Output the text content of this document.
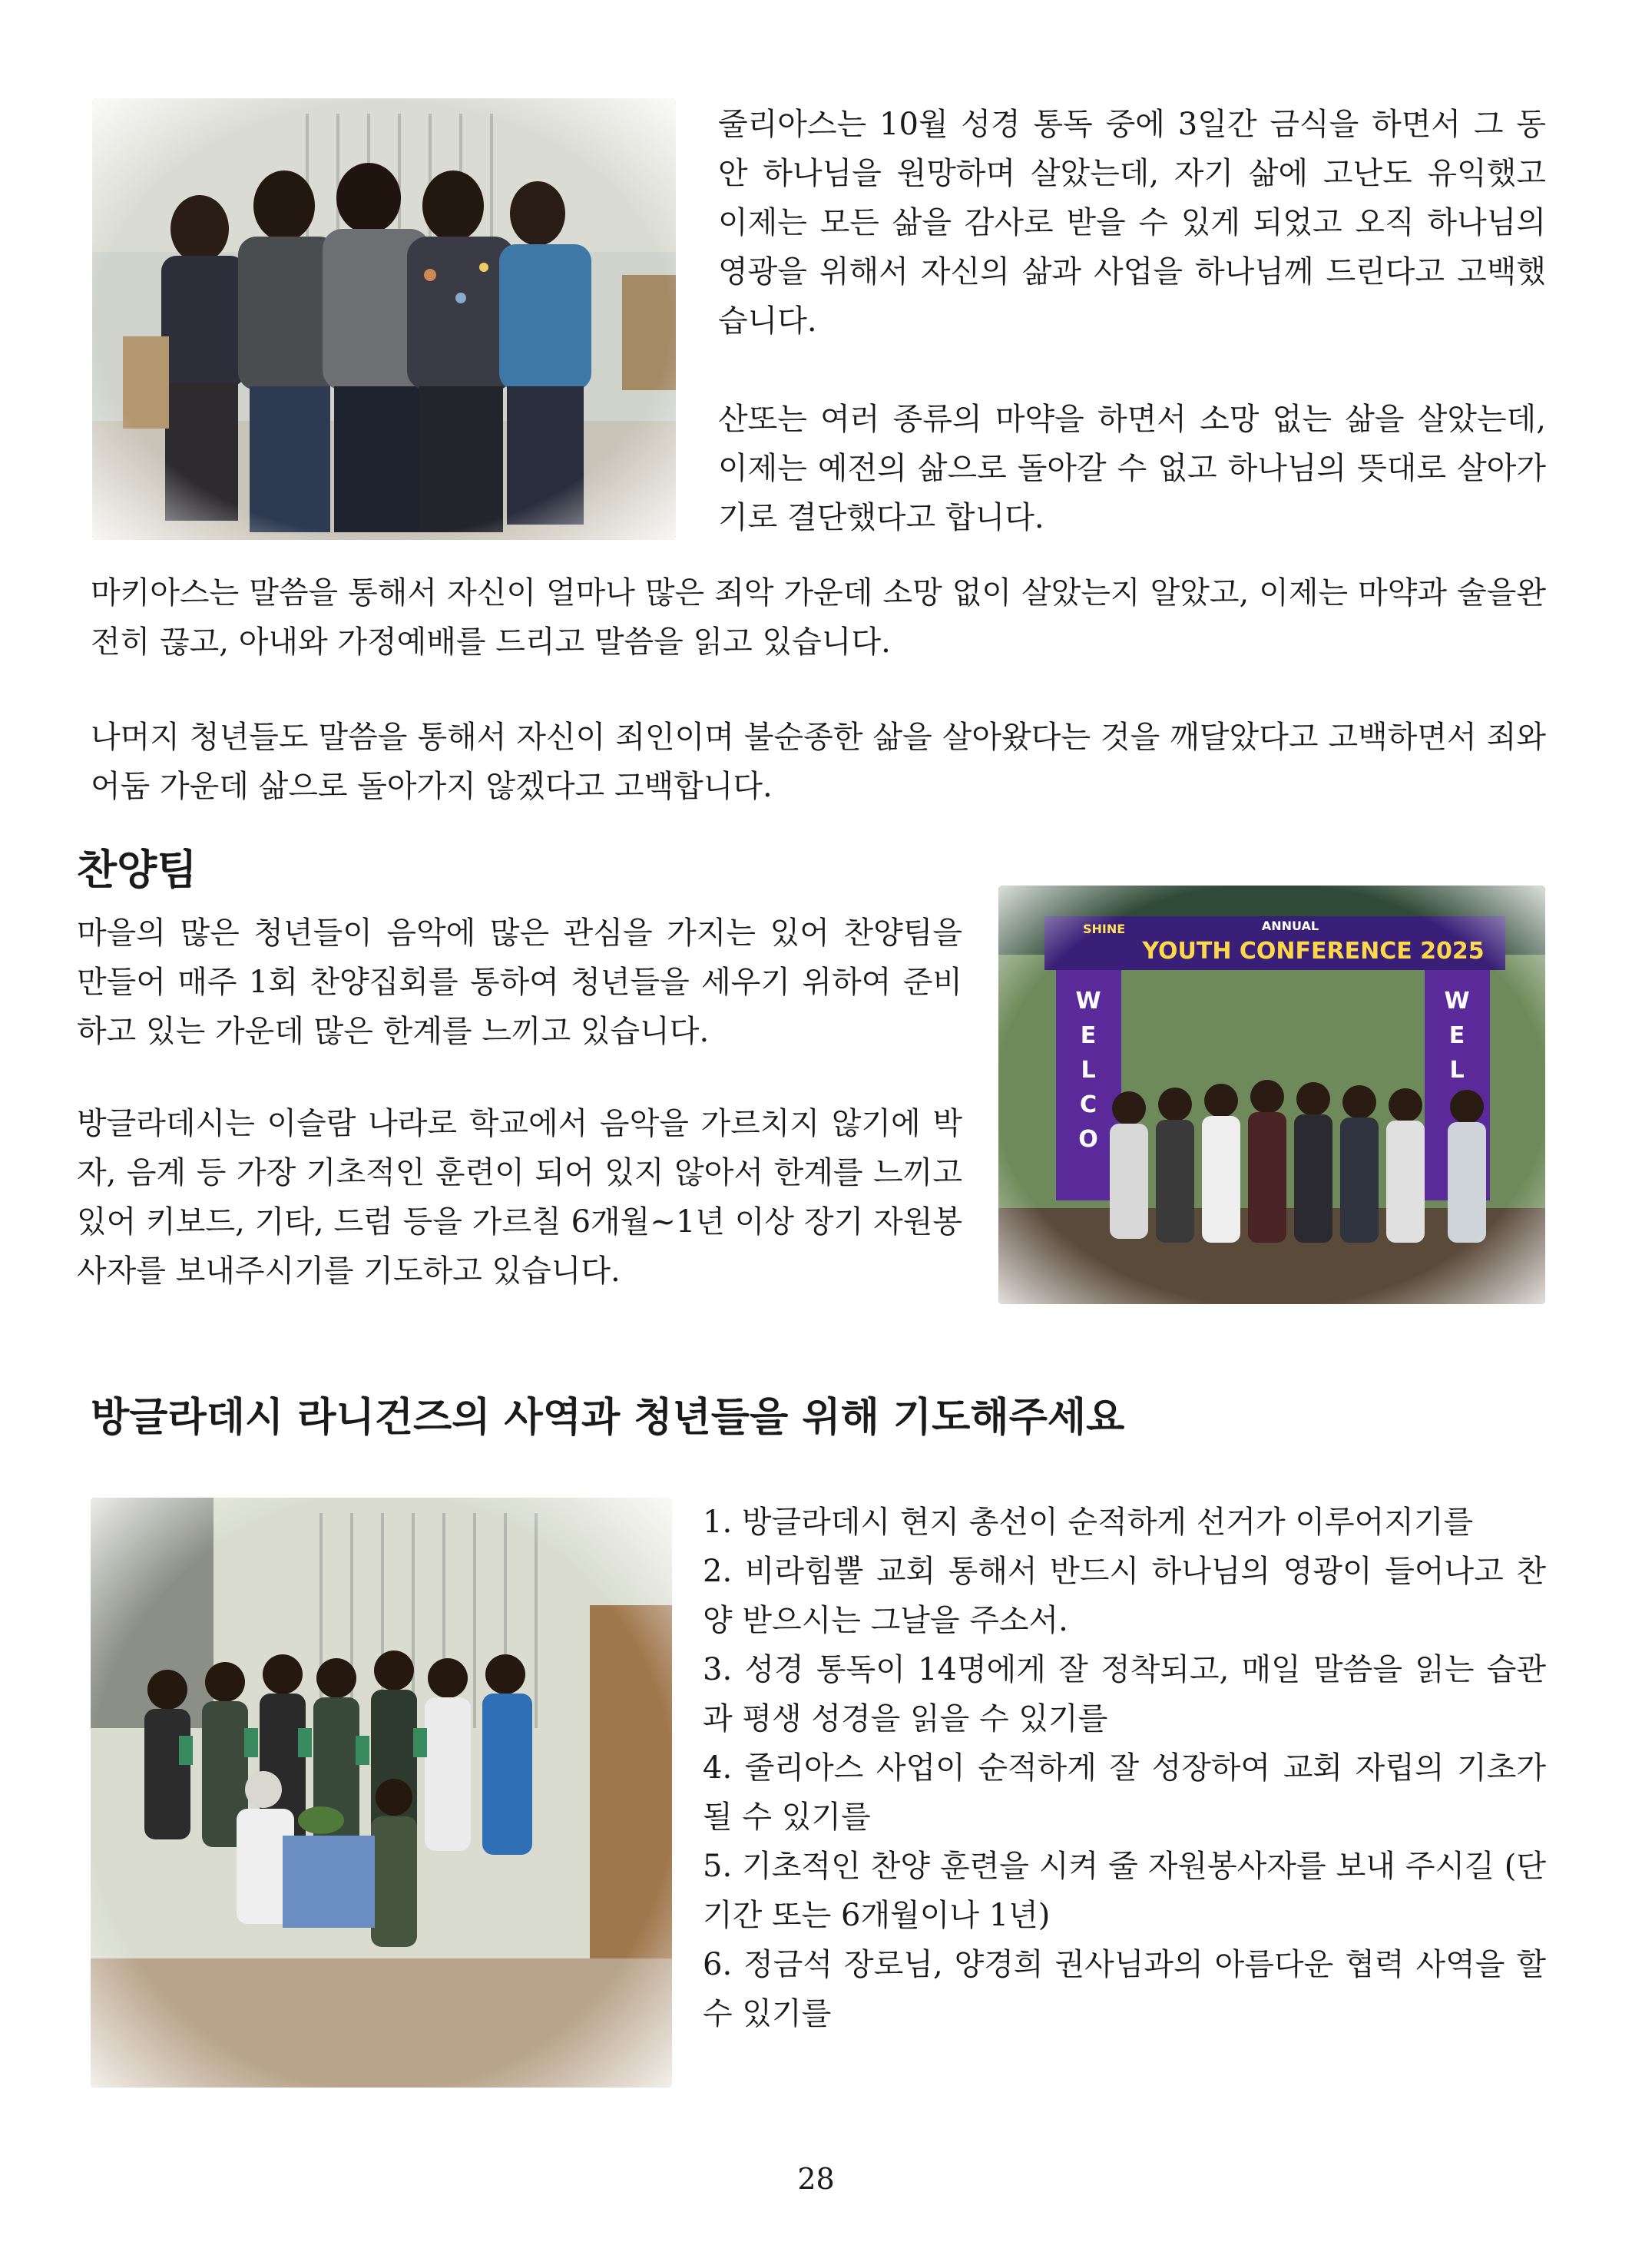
줄리아스는 10월 성경 통독 중에 3일간 금식을 하면서 그 동안 하나님을 원망하며 살았는데, 자기 삶에 고난도 유익했고 이제는 모든 삶을 감사로 받을 수 있게 되었고 오직 하나님의 영광을 위해서 자신의 삶과 사업을 하나님께 드린다고 고백했습니다.

산또는 여러 종류의 마약을 하면서 소망 없는 삶을 살았는데, 이제는 예전의 삶으로 돌아갈 수 없고 하나님의 뜻대로 살아가기로 결단했다고 합니다.

마키아스는 말씀을 통해서 자신이 얼마나 많은 죄악 가운데 소망 없이 살았는지 알았고, 이제는 마약과 술을완전히 끊고, 아내와 가정예배를 드리고 말씀을 읽고 있습니다.

나머지 청년들도 말씀을 통해서 자신이 죄인이며 불순종한 삶을 살아왔다는 것을 깨달았다고 고백하면서 죄와 어둠 가운데 삶으로 돌아가지 않겠다고 고백합니다.

찬양팀

마을의 많은 청년들이 음악에 많은 관심을 가지는 있어 찬양팀을 만들어 매주 1회 찬양집회를 통하여 청년들을 세우기 위하여 준비하고 있는 가운데 많은 한계를 느끼고 있습니다.

방글라데시는 이슬람 나라로 학교에서 음악을 가르치지 않기에 박자, 음계 등 가장 기초적인 훈련이 되어 있지 않아서 한계를 느끼고 있어 키보드, 기타, 드럼 등을 가르칠 6개월~1년 이상 장기 자원봉사자를 보내주시기를 기도하고 있습니다.

방글라데시 라니건즈의 사역과 청년들을 위해 기도해주세요
1. 방글라데시 현지 총선이 순적하게 선거가 이루어지기를
2. 비라힘뿔 교회 통해서 반드시 하나님의 영광이 들어나고 찬양 받으시는 그날을 주소서.
3. 성경 통독이 14명에게 잘 정착되고, 매일 말씀을 읽는 습관과 평생 성경을 읽을 수 있기를
4. 줄리아스 사업이 순적하게 잘 성장하여 교회 자립의 기초가 될 수 있기를
5. 기초적인 찬양 훈련을 시켜 줄 자원봉사자를 보내 주시길 (단기간 또는 6개월이나 1년)
6. 정금석 장로님, 양경희 권사님과의 아름다운 협력 사역을 할 수 있기를
28
